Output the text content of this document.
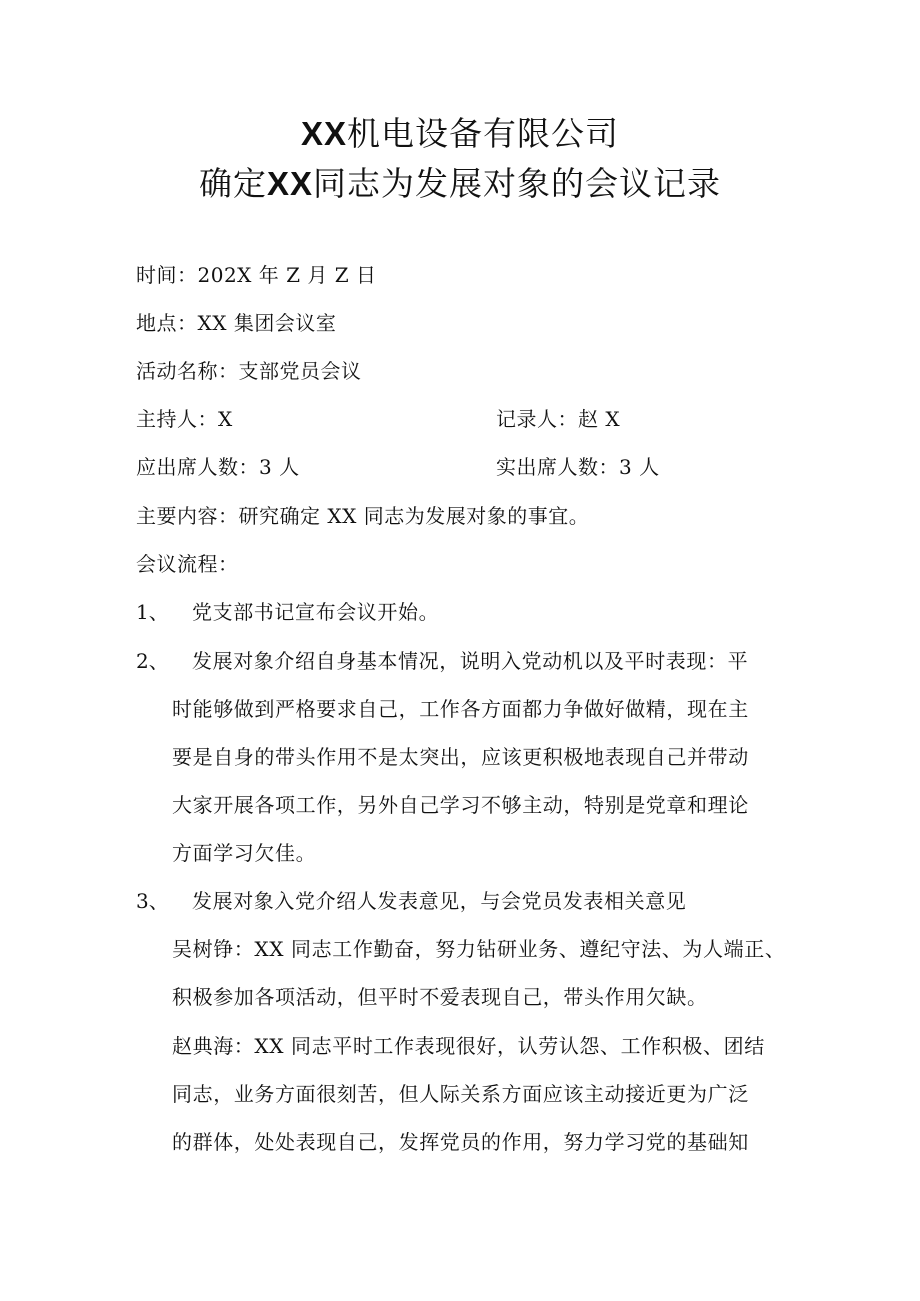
XX机电设备有限公司
确定XX同志为发展对象的会议记录
时间：202X 年 Z 月 Z 日
地点：XX 集团会议室
活动名称：支部党员会议
主持人：X	记录人：赵 X
应出席人数：3 人	实出席人数：3 人
主要内容：研究确定 XX 同志为发展对象的事宜。
会议流程：
1、 党支部书记宣布会议开始。
2、 发展对象介绍自身基本情况，说明入党动机以及平时表现：平
时能够做到严格要求自己，工作各方面都力争做好做精，现在主
要是自身的带头作用不是太突出，应该更积极地表现自己并带动
大家开展各项工作，另外自己学习不够主动，特别是党章和理论
方面学习欠佳。
3、 发展对象入党介绍人发表意见，与会党员发表相关意见
吴树铮：XX 同志工作勤奋，努力钻研业务、遵纪守法、为人端正、
积极参加各项活动，但平时不爱表现自己，带头作用欠缺。
赵典海：XX 同志平时工作表现很好，认劳认怨、工作积极、团结
同志，业务方面很刻苦，但人际关系方面应该主动接近更为广泛
的群体，处处表现自己，发挥党员的作用，努力学习党的基础知
